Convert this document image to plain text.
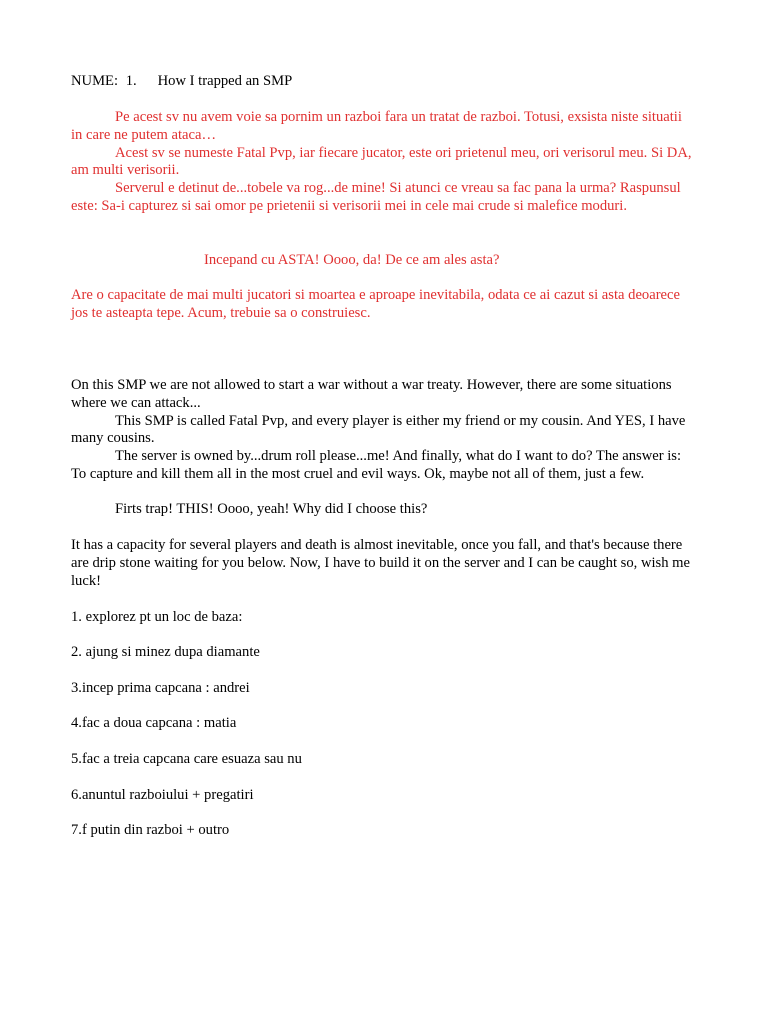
NUME: 1. How I trapped an SMP

Pe acest sv nu avem voie sa pornim un razboi fara un tratat de razboi. Totusi, exsista niste situatii in care ne putem ataca…

Acest sv se numeste Fatal Pvp, iar fiecare jucator, este ori prietenul meu, ori verisorul meu. Si DA, am multi verisorii.

Serverul e detinut de...tobele va rog...de mine! Si atunci ce vreau sa fac pana la urma? Raspunsul este: Sa-i capturez si sai omor pe prietenii si verisorii mei in cele mai crude si malefice moduri.

Incepand cu ASTA! Oooo, da! De ce am ales asta?

Are o capacitate de mai multi jucatori si moartea e aproape inevitabila, odata ce ai cazut si asta deoarece jos te asteapta tepe. Acum, trebuie sa o construiesc.

On this SMP we are not allowed to start a war without a war treaty. However, there are some situations where we can attack...

This SMP is called Fatal Pvp, and every player is either my friend or my cousin. And YES, I have many cousins.

The server is owned by...drum roll please...me! And finally, what do I want to do? The answer is: To capture and kill them all in the most cruel and evil ways. Ok, maybe not all of them, just a few.

Firts trap! THIS! Oooo, yeah! Why did I choose this?

It has a capacity for several players and death is almost inevitable, once you fall, and that's because there are drip stone waiting for you below. Now, I have to build it on the server and I can be caught so, wish me luck!

1. explorez pt un loc de baza:

2. ajung si minez dupa diamante

3.incep prima capcana : andrei

4.fac a doua capcana : matia

5.fac a treia capcana care esuaza sau nu

6.anuntul razboiului + pregatiri

7.f putin din razboi + outro
